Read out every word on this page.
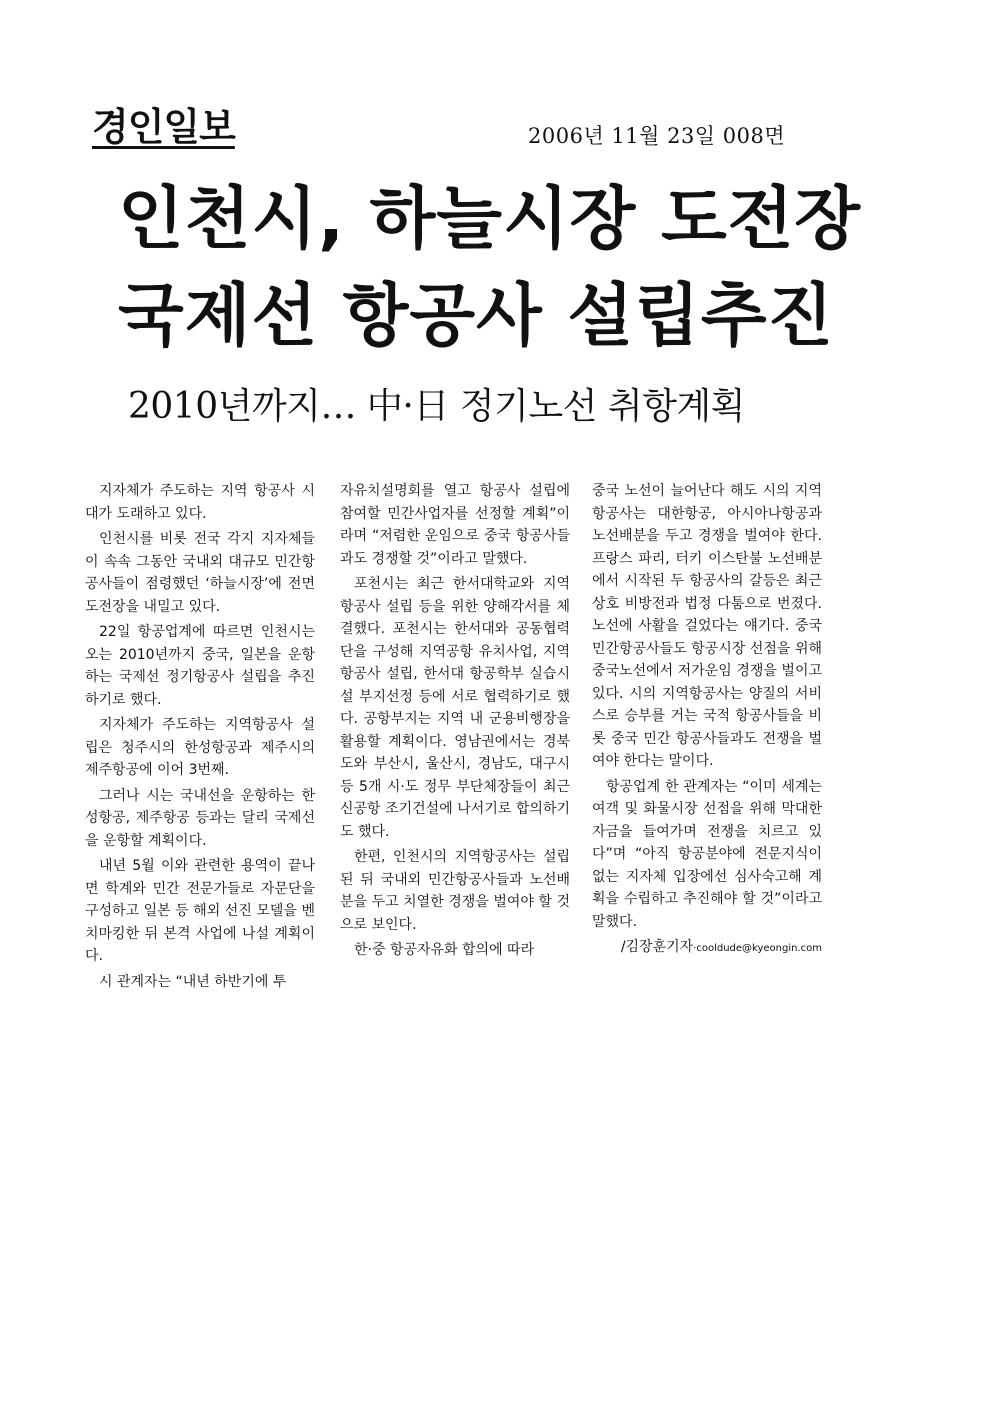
경인일보	2006년 11월 23일 008면
인천시, 하늘시장 도전장
국제선 항공사 설립추진
2010년까지… 中·日 정기노선 취항계획

지자체가 주도하는 지역 항공사 시대가 도래하고 있다.

인천시를 비롯 전국 각지 지자체들이 속속 그동안 국내외 대규모 민간항공사들이 점령했던 ‘하늘시장’에 전면 도전장을 내밀고 있다.

22일 항공업계에 따르면 인천시는 오는 2010년까지 중국, 일본을 운항하는 국제선 정기항공사 설립을 추진하기로 했다.

지자체가 주도하는 지역항공사 설립은 청주시의 한성항공과 제주시의 제주항공에 이어 3번째.

그러나 시는 국내선을 운항하는 한성항공, 제주항공 등과는 달리 국제선을 운항할 계획이다.

내년 5월 이와 관련한 용역이 끝나면 학계와 민간 전문가들로 자문단을 구성하고 일본 등 해외 선진 모델을 벤치마킹한 뒤 본격 사업에 나설 계획이다.

시 관계자는 “내년 하반기에 투

자유치설명회를 열고 항공사 설립에 참여할 민간사업자를 선정할 계획”이라며 “저렴한 운임으로 중국 항공사들과도 경쟁할 것”이라고 말했다.

포천시는 최근 한서대학교와 지역항공사 설립 등을 위한 양해각서를 체결했다. 포천시는 한서대와 공동협력단을 구성해 지역공항 유치사업, 지역항공사 설립, 한서대 항공학부 실습시설 부지선정 등에 서로 협력하기로 했다. 공항부지는 지역 내 군용비행장을 활용할 계획이다. 영남권에서는 경북도와 부산시, 울산시, 경남도, 대구시 등 5개 시·도 정무 부단체장들이 최근 신공항 조기건설에 나서기로 합의하기도 했다.

한편, 인천시의 지역항공사는 설립된 뒤 국내외 민간항공사들과 노선배분을 두고 치열한 경쟁을 벌여야 할 것으로 보인다.

한·중 항공자유화 합의에 따라

중국 노선이 늘어난다 해도 시의 지역항공사는 대한항공, 아시아나항공과 노선배분을 두고 경쟁을 벌여야 한다. 프랑스 파리, 터키 이스탄불 노선배분에서 시작된 두 항공사의 갈등은 최근 상호 비방전과 법정 다툼으로 번졌다. 노선에 사활을 걸었다는 얘기다. 중국 민간항공사들도 항공시장 선점을 위해 중국노선에서 저가운임 경쟁을 벌이고 있다. 시의 지역항공사는 양질의 서비스로 승부를 거는 국적 항공사들을 비롯 중국 민간 항공사들과도 전쟁을 벌여야 한다는 말이다.

항공업계 한 관계자는 “이미 세계는 여객 및 화물시장 선점을 위해 막대한 자금을 들여가며 전쟁을 치르고 있다”며 “아직 항공분야에 전문지식이 없는 지자체 입장에선 심사숙고해 계획을 수립하고 추진해야 할 것”이라고 말했다.

/김장훈기자·cooldude@kyeongin.com
